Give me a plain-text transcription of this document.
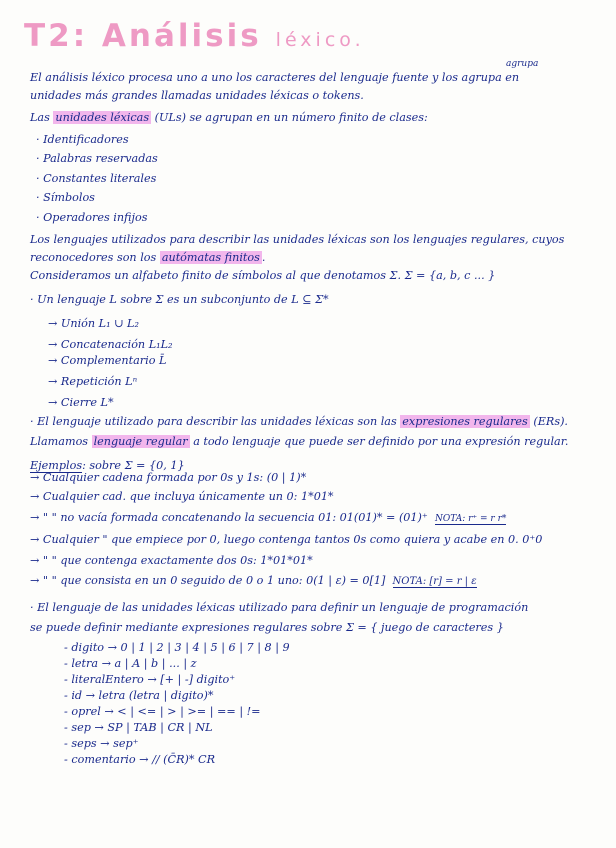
T2: Análisis léxico.
agrupa
El análisis léxico procesa uno a uno los caracteres del lenguaje fuente y los agrupa en
unidades más grandes llamadas unidades léxicas o tokens.
Las unidades léxicas (ULs) se agrupan en un número finito de clases:
· Identificadores
· Palabras reservadas
· Constantes literales
· Símbolos
· Operadores infijos
Los lenguajes utilizados para describir las unidades léxicas son los lenguajes regulares, cuyos
reconocedores son los autómatas finitos .
Consideramos un alfabeto finito de símbolos al que denotamos Σ. Σ = {a, b, c ... }
· Un lenguaje L sobre Σ es un subconjunto de L ⊆ Σ*
→ Unión L₁ ∪ L₂
→ Concatenación L₁L₂
→ Complementario L̄
→ Repetición Lⁿ
→ Cierre L*
· El lenguaje utilizado para describir las unidades léxicas son las expresiones regulares (ERs).
Llamamos lenguaje regular a todo lenguaje que puede ser definido por una expresión regular.
Ejemplos: sobre Σ = {0, 1}
→ Cualquier cadena formada por 0s y 1s: (0 | 1)*
→ Cualquier cad. que incluya únicamente un 0: 1*01*
→ " " no vacía formada concatenando la secuencia 01: 01(01)* = (01)⁺ NOTA: r⁺ = r r*
→ Cualquier " que empiece por 0, luego contenga tantos 0s como quiera y acabe en 0. 0⁺0
→ " " que contenga exactamente dos 0s: 1*01*01*
→ " " que consista en un 0 seguido de 0 o 1 uno: 0(1 | ε) = 0[1] NOTA: [r] = r | ε
· El lenguaje de las unidades léxicas utilizado para definir un lenguaje de programación
se puede definir mediante expresiones regulares sobre Σ = { juego de caracteres }
- digito → 0 | 1 | 2 | 3 | 4 | 5 | 6 | 7 | 8 | 9
- letra → a | A | b | ... | z
- literalEntero → [+ | -] digito⁺
- id → letra (letra | digito)*
- oprel → < | <= | > | >= | == | !=
- sep → SP | TAB | CR | NL
- seps → sep⁺
- comentario → // (C̄R)* CR
